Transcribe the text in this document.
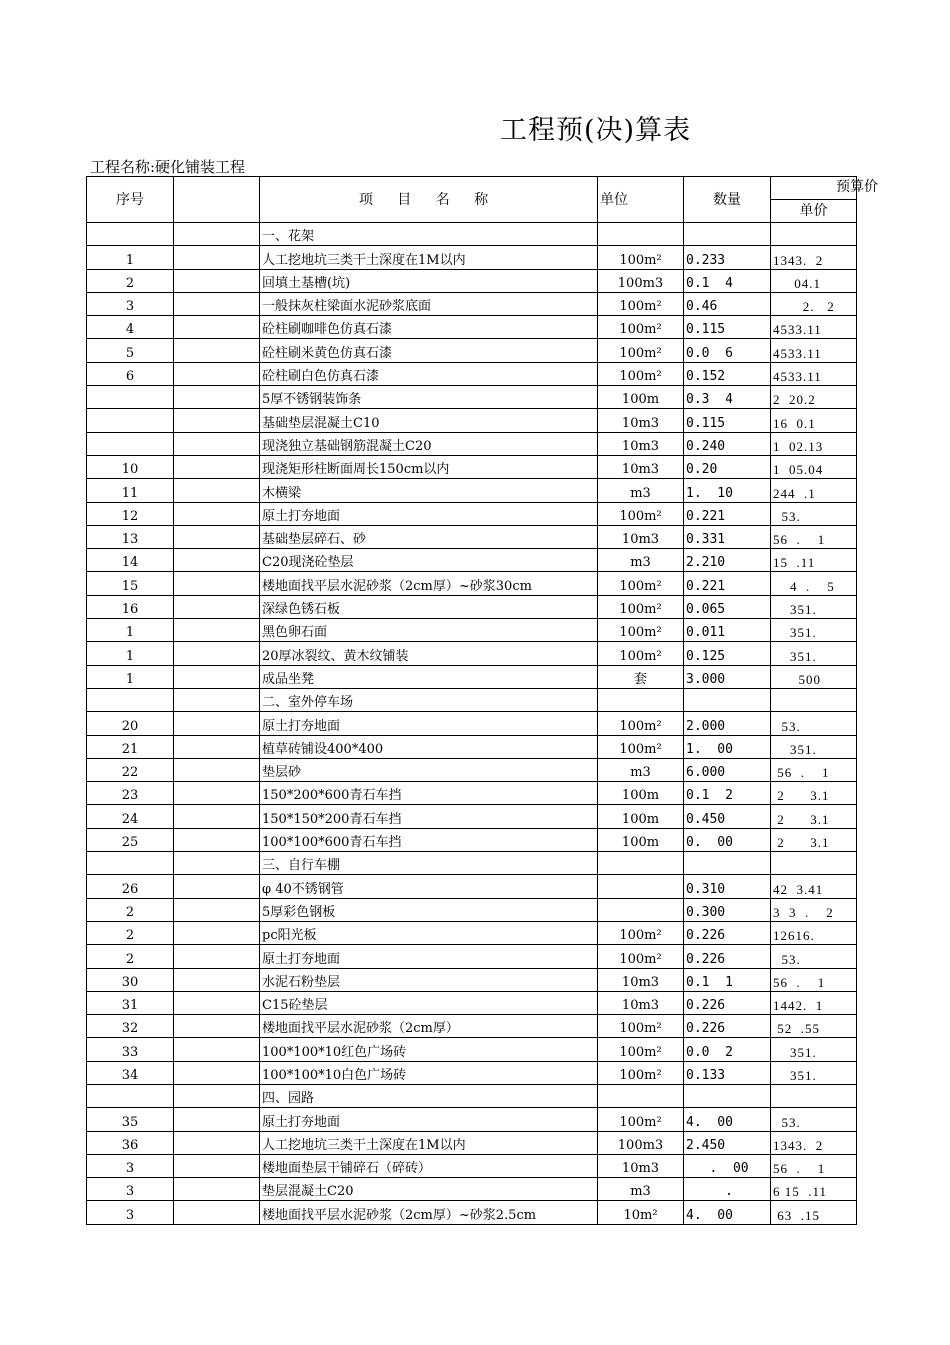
工程预(决)算表
工程名称:硬化铺装工程
序号		项 目 名 称	单位	数量	预算价

					单价
		一、花架			
1		人工挖地坑三类干土深度在1M以内	100m²	0.233	1343.  2
2		回填土基槽(坑)	100m3	0.1  4	04.1
3		一般抹灰柱梁面水泥砂浆底面	100m²	0.46	2.   2
4		砼柱刷咖啡色仿真石漆	100m²	0.115	4533.11
5		砼柱刷米黄色仿真石漆	100m²	0.0  6	4533.11
6		砼柱刷白色仿真石漆	100m²	0.152	4533.11
		5厚不锈钢装饰条	100m	0.3  4	2  20.2
		基础垫层混凝土C10	10m3	0.115	16  0.1
		现浇独立基础钢筋混凝土C20	10m3	0.240	1  02.13
10		现浇矩形柱断面周长150cm以内	10m3	0.20	1  05.04
11		木横梁	m3	1.  10	244  .1
12		原土打夯地面	100m²	0.221	53.
13		基础垫层碎石、砂	10m3	0.331	56  .    1
14		C20现浇砼垫层	m3	2.210	15  .11
15		楼地面找平层水泥砂浆（2cm厚）~砂浆30cm	100m²	0.221	4  .    5
16		深绿色锈石板	100m²	0.065	351.
1		黑色卵石面	100m²	0.011	351.
1		20厚冰裂纹、黄木纹铺装	100m²	0.125	351.
1		成品坐凳	套	3.000	500
		二、室外停车场			
20		原土打夯地面	100m²	2.000	53.
21		植草砖铺设400*400	100m²	1.  00	351.
22		垫层砂	m3	6.000	56  .    1
23		150*200*600青石车挡	100m	0.1  2	2      3.1
24		150*150*200青石车挡	100m	0.450	2      3.1
25		100*100*600青石车挡	100m	0.  00	2      3.1
		三、自行车棚			
26		φ 40不锈钢管		0.310	42  3.41
2		5厚彩色钢板		0.300	3  3  .    2
2		pc阳光板	100m²	0.226	12616.
2		原土打夯地面	100m²	0.226	53.
30		水泥石粉垫层	10m3	0.1  1	56  .    1
31		C15砼垫层	10m3	0.226	1442.  1
32		楼地面找平层水泥砂浆（2cm厚）	100m²	0.226	52  .55
33		100*100*10红色广场砖	100m²	0.0  2	351.
34		100*100*10白色广场砖	100m²	0.133	351.
		四、园路			
35		原土打夯地面	100m²	4.  00	53.
36		人工挖地坑三类干土深度在1M以内	100m3	2.450	1343.  2
3		楼地面垫层干铺碎石（碎砖）	10m3	.  00	56  .    1
3		垫层混凝土C20	m3	.	6 15  .11
3		楼地面找平层水泥砂浆（2cm厚）~砂浆2.5cm	10m²	4.  00	63  .15
